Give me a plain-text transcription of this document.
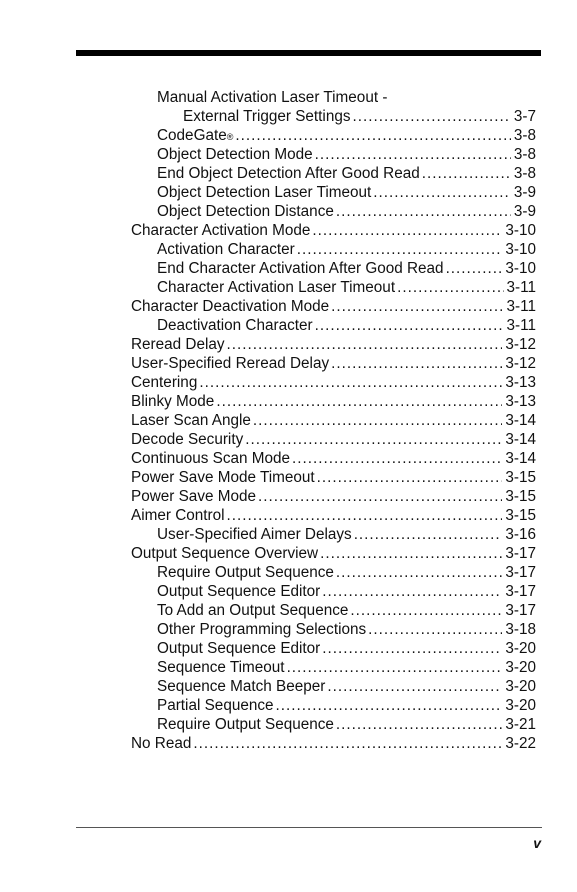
Manual Activation Laser Timeout -
External Trigger Settings .....	3-7
CodeGate ® .....	3-8
Object Detection Mode .....	3-8
End Object Detection After Good Read .....	3-8
Object Detection Laser Timeout .....	3-9
Object Detection Distance .....	3-9
Character Activation Mode .....	3-10
Activation Character .....	3-10
End Character Activation After Good Read .....	3-10
Character Activation Laser Timeout .....	3-11
Character Deactivation Mode .....	3-11
Deactivation Character .....	3-11
Reread Delay .....	3-12
User-Specified Reread Delay .....	3-12
Centering .....	3-13
Blinky Mode .....	3-13
Laser Scan Angle .....	3-14
Decode Security .....	3-14
Continuous Scan Mode .....	3-14
Power Save Mode Timeout .....	3-15
Power Save Mode .....	3-15
Aimer Control .....	3-15
User-Specified Aimer Delays .....	3-16
Output Sequence Overview .....	3-17
Require Output Sequence .....	3-17
Output Sequence Editor .....	3-17
To Add an Output Sequence .....	3-17
Other Programming Selections .....	3-18
Output Sequence Editor .....	3-20
Sequence Timeout .....	3-20
Sequence Match Beeper .....	3-20
Partial Sequence .....	3-20
Require Output Sequence .....	3-21
No Read .....	3-22
v
